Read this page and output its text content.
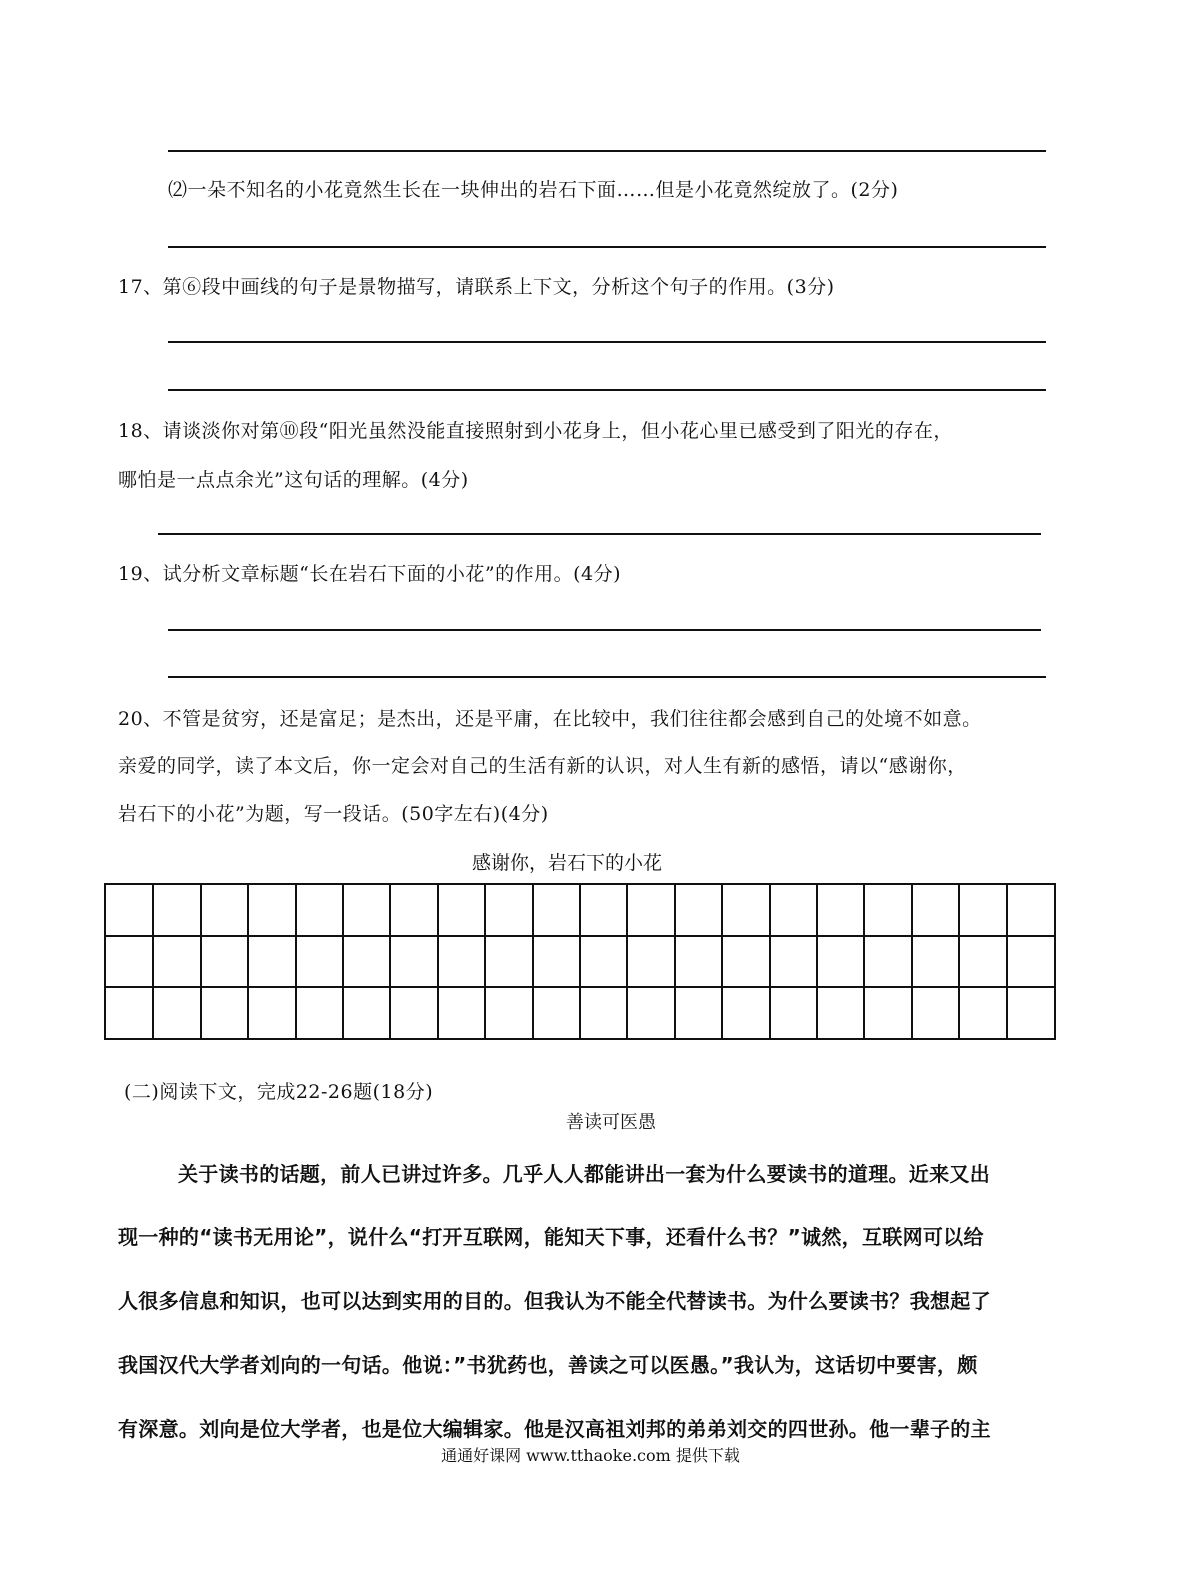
⑵一朵不知名的小花竟然生长在一块伸出的岩石下面……但是小花竟然绽放了。(2分)
17、第⑥段中画线的句子是景物描写，请联系上下文，分析这个句子的作用。(3分)
18、请谈淡你对第⑩段“阳光虽然没能直接照射到小花身上，但小花心里已感受到了阳光的存在，
哪怕是一点点余光”这句话的理解。(4分)
19、试分析文章标题“长在岩石下面的小花”的作用。(4分)
20、不管是贫穷，还是富足；是杰出，还是平庸，在比较中，我们往往都会感到自己的处境不如意。
亲爱的同学，读了本文后，你一定会对自己的生活有新的认识，对人生有新的感悟，请以“感谢你，
岩石下的小花”为题，写一段话。(50字左右)(4分)
感谢你，岩石下的小花
(二)阅读下文，完成22-26题(18分)
善读可医愚
关于读书的话题，前人已讲过许多。几乎人人都能讲出一套为什么要读书的道理。近来又出
现一种的“读书无用论”，说什么“打开互联网，能知天下事，还看什么书？”诚然，互联网可以给
人很多信息和知识，也可以达到实用的目的。但我认为不能全代替读书。为什么要读书？我想起了
我国汉代大学者刘向的一句话。他说：”书犹药也，善读之可以医愚。”我认为，这话切中要害，颇
有深意。刘向是位大学者，也是位大编辑家。他是汉高祖刘邦的弟弟刘交的四世孙。他一辈子的主
通通好课网 www.tthaoke.com 提供下载
